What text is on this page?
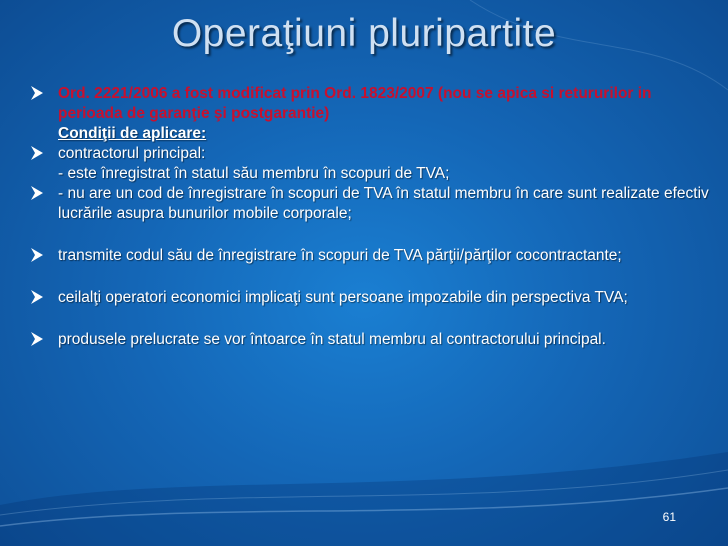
Operaţiuni pluripartite
Ord. 2221/2006 a fost modificat prin Ord. 1823/2007 (nou se apica si retururilor in perioada de garanţie şi postgarantie)
Condiţii de aplicare:
contractorul principal:
- este înregistrat în statul său membru în scopuri de TVA;
- nu are un cod de înregistrare în scopuri de TVA în statul membru în care sunt realizate efectiv lucrările asupra bunurilor mobile corporale;
transmite codul său de înregistrare în scopuri de TVA părţii/părţilor cocontractante;
ceilalţi operatori economici implicaţi sunt persoane impozabile din perspectiva TVA;
produsele prelucrate se vor întoarce în statul membru al contractorului principal.
61
